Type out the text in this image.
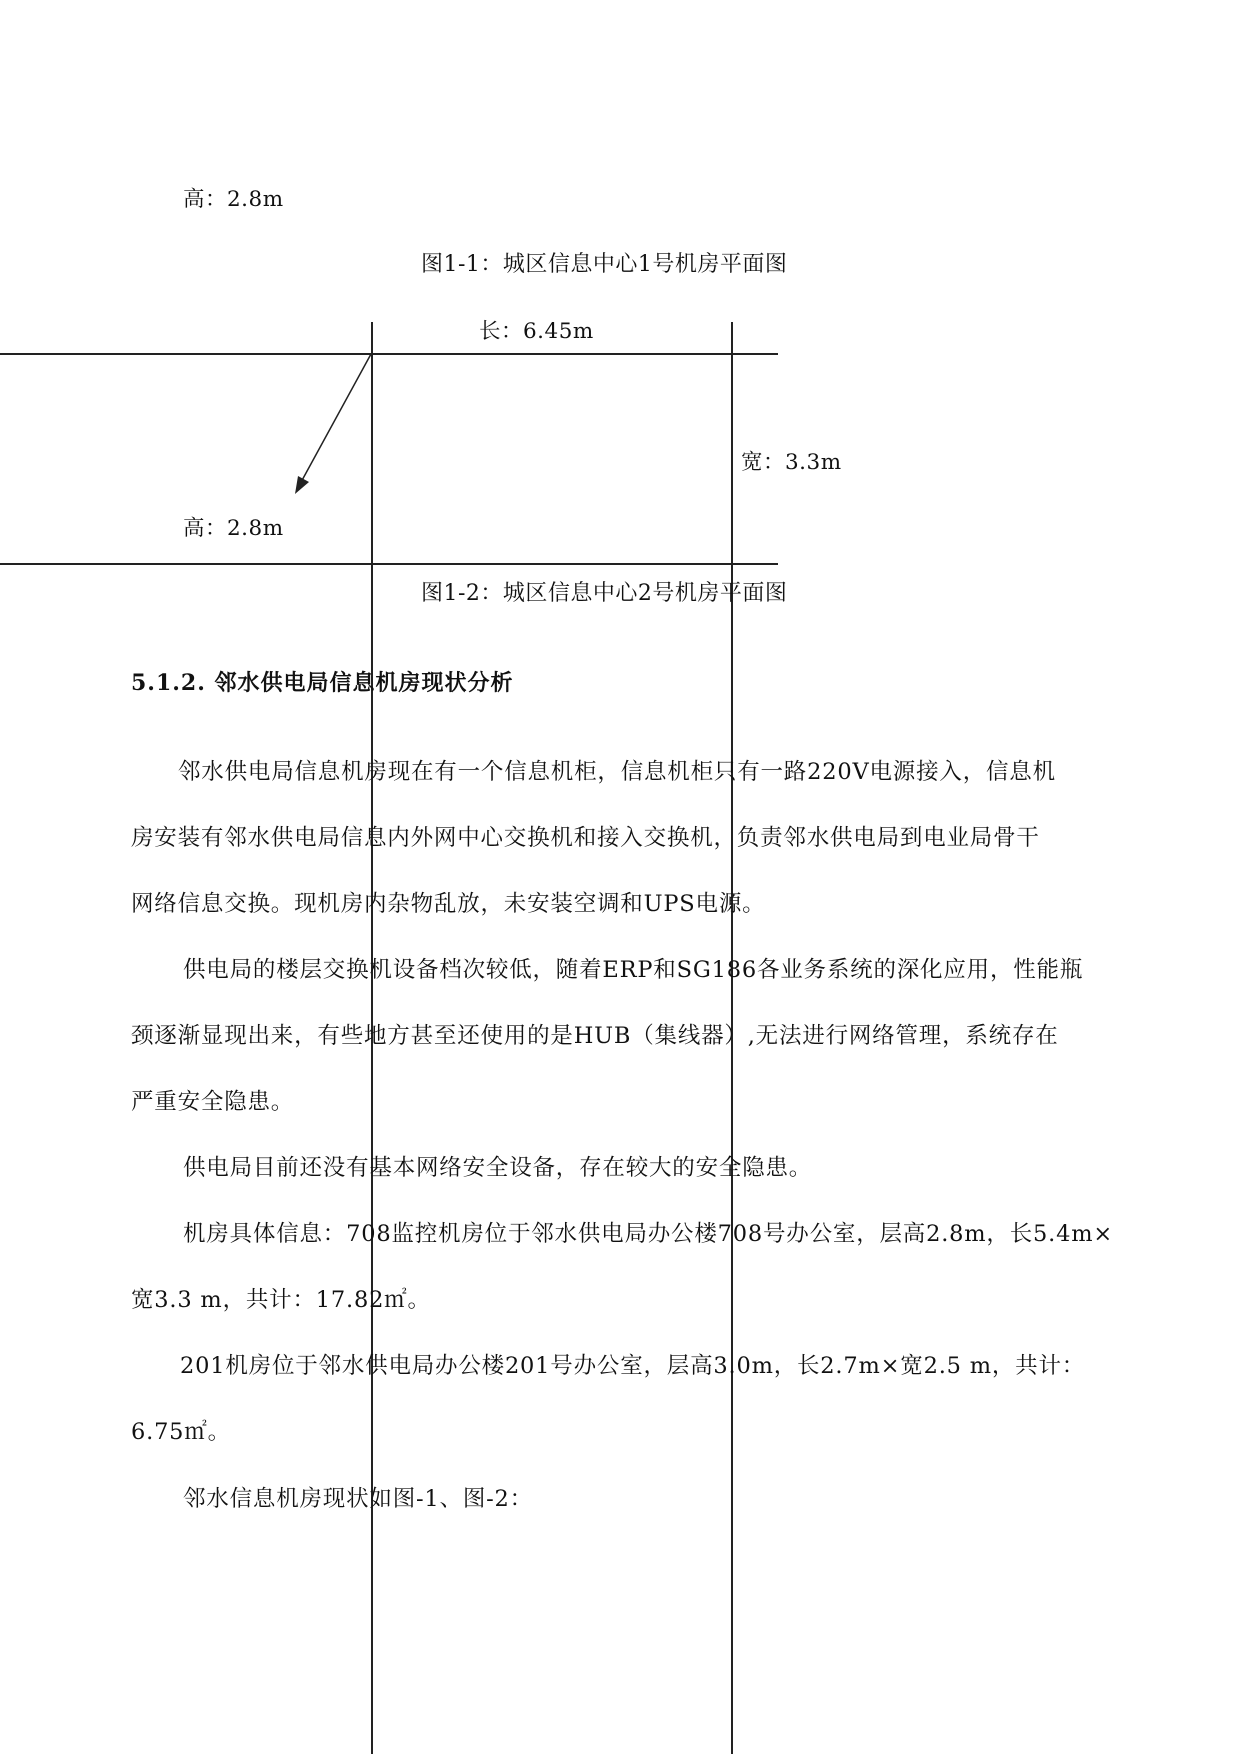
高：2.8m
图1-1：城区信息中心1号机房平面图
长：6.45m
宽：3.3m
高：2.8m
图1-2：城区信息中心2号机房平面图
5.1.2. 邻水供电局信息机房现状分析
邻水供电局信息机房现在有一个信息机柜，信息机柜只有一路220V电源接入，信息机
房安装有邻水供电局信息内外网中心交换机和接入交换机，负责邻水供电局到电业局骨干
网络信息交换。现机房内杂物乱放，未安装空调和UPS电源。
供电局的楼层交换机设备档次较低，随着ERP和SG186各业务系统的深化应用，性能瓶
颈逐渐显现出来，有些地方甚至还使用的是HUB（集线器）,无法进行网络管理，系统存在
严重安全隐患。
供电局目前还没有基本网络安全设备，存在较大的安全隐患。
机房具体信息：708监控机房位于邻水供电局办公楼708号办公室，层高2.8m，长5.4m×
宽3.3 m，共计：17.82㎡。
201机房位于邻水供电局办公楼201号办公室，层高3.0m，长2.7m×宽2.5 m，共计：
6.75㎡。
邻水信息机房现状如图-1、图-2：
